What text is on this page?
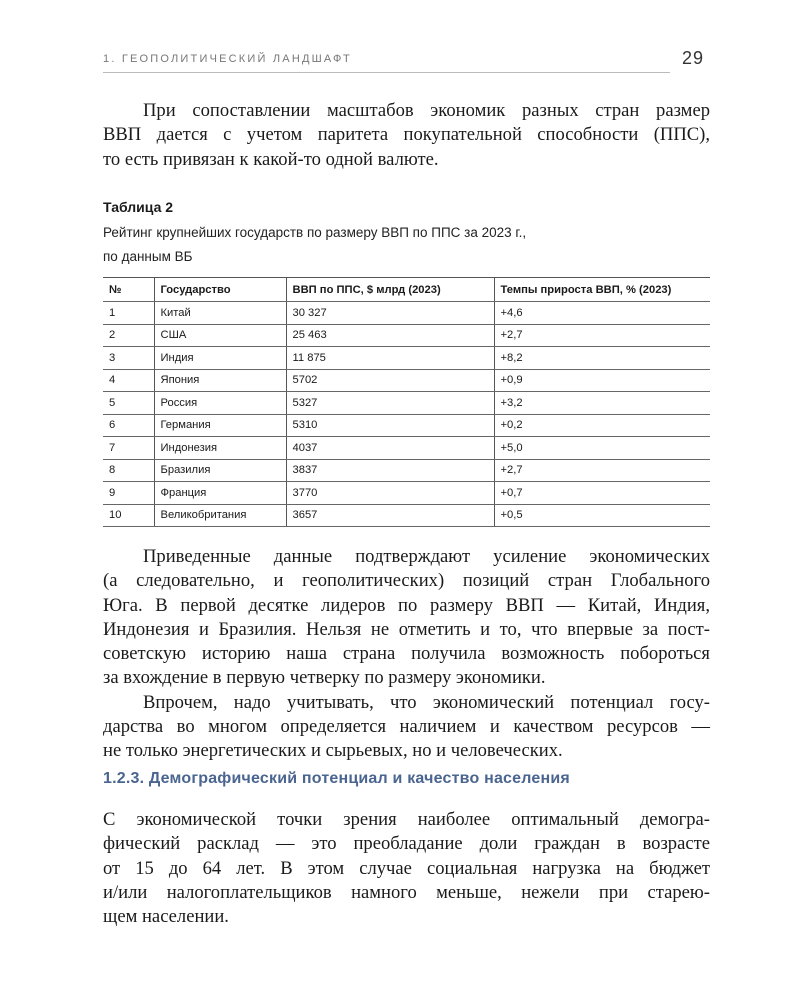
1. ГЕОПОЛИТИЧЕСКИЙ ЛАНДШАФТ	29
При сопоставлении масштабов экономик разных стран размер
ВВП дается с учетом паритета покупательной способности (ППС),
то есть привязан к какой-то одной валюте.
Таблица 2
Рейтинг крупнейших государств по размеру ВВП по ППС за 2023 г.,
по данным ВБ
№	Государство	ВВП по ППС, $ млрд (2023)	Темпы прироста ВВП, % (2023)
1	Китай	30 327	+4,6
2	США	25 463	+2,7
3	Индия	11 875	+8,2
4	Япония	5702	+0,9
5	Россия	5327	+3,2
6	Германия	5310	+0,2
7	Индонезия	4037	+5,0
8	Бразилия	3837	+2,7
9	Франция	3770	+0,7
10	Великобритания	3657	+0,5
Приведенные данные подтверждают усиление экономических
(а следовательно, и геополитических) позиций стран Глобального
Юга. В первой десятке лидеров по размеру ВВП — Китай, Индия,
Индонезия и Бразилия. Нельзя не отметить и то, что впервые за пост-
советскую историю наша страна получила возможность побороться
за вхождение в первую четверку по размеру экономики.
Впрочем, надо учитывать, что экономический потенциал госу-
дарства во многом определяется наличием и качеством ресурсов —
не только энергетических и сырьевых, но и человеческих.
1.2.3. Демографический потенциал и качество населения
С экономической точки зрения наиболее оптимальный демогра-
фический расклад — это преобладание доли граждан в возрасте
от 15 до 64 лет. В этом случае социальная нагрузка на бюджет
и/или налогоплательщиков намного меньше, нежели при старею-
щем населении.
